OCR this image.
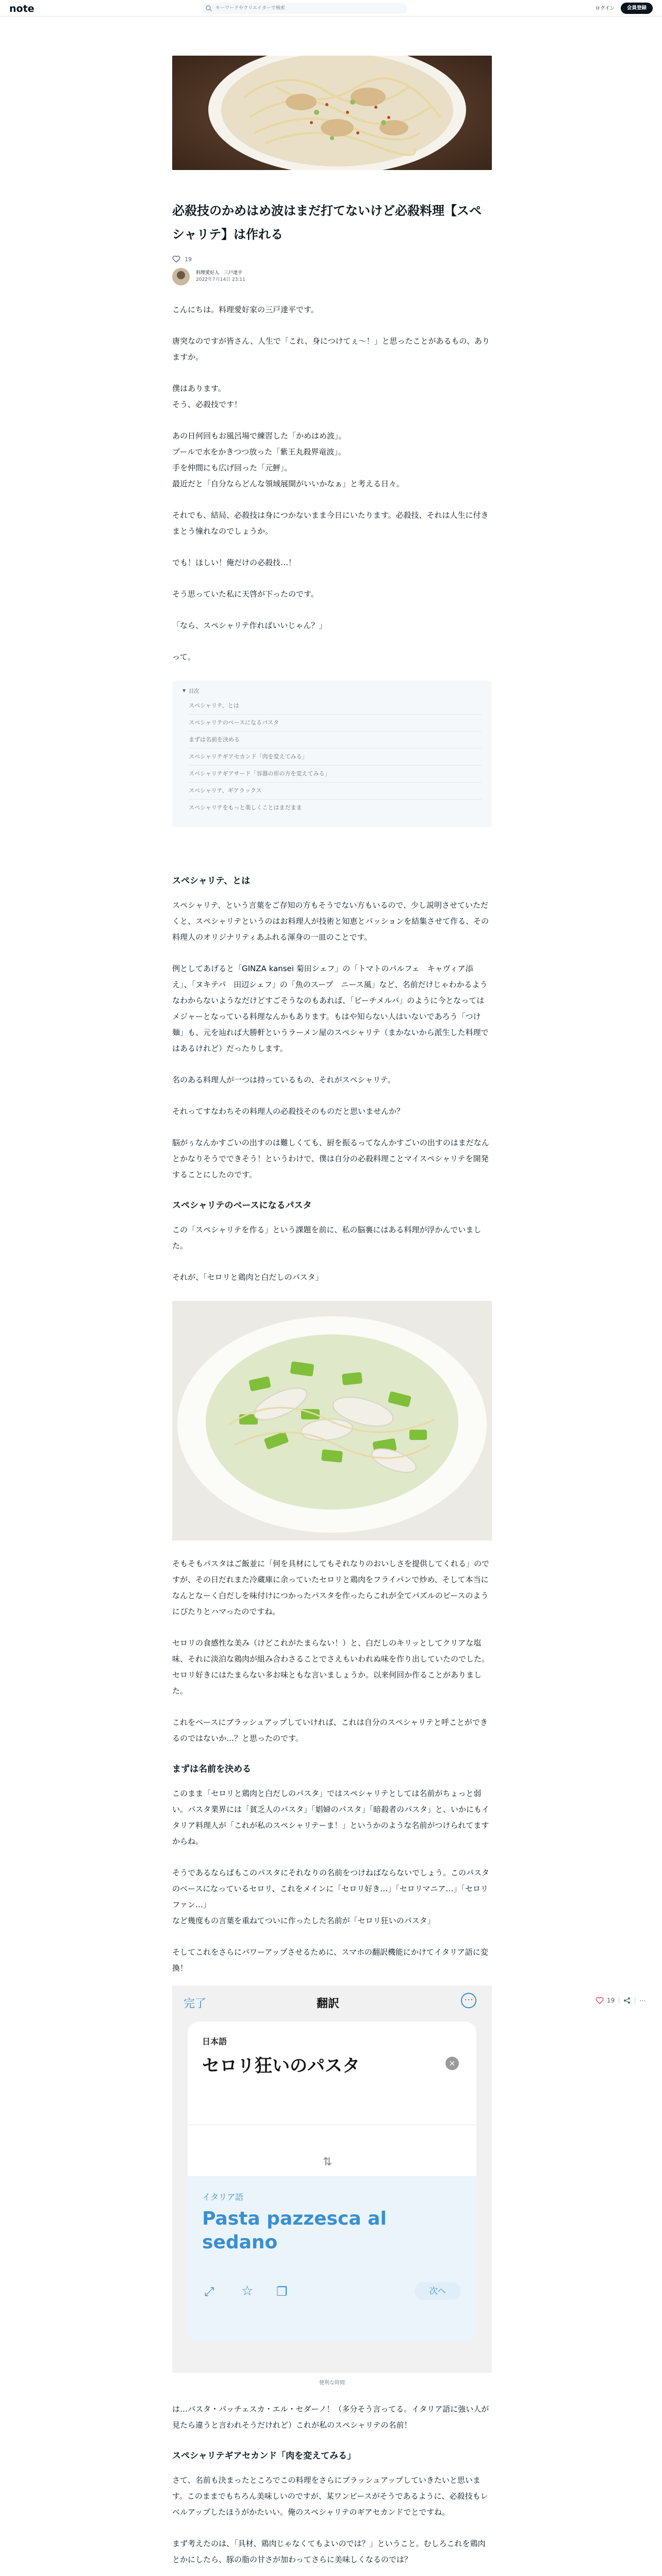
note
キーワードやクリエイターで検索	ログイン	会員登録
必殺技のかめはめ波はまだ打てないけど必殺料理【スペシャリテ】は作れる
19
料理愛好人　三戸達平
2022年7月14日 23:11

こんにちは。料理愛好家の三戸達平です。

唐突なのですが皆さん、人生で「これ、身につけてぇ～！」と思ったことがあるもの、ありますか。

僕はあります。

そう、必殺技です！

あの日何回もお風呂場で練習した「かめはめ波」。

プールで水をかきつつ放った「紫王丸殺界竜波」。

手を仲間にも広げ回った「元鮃」。

最近だと「自分ならどんな領域展開がいいかなぁ」と考える日々。

それでも、結局、必殺技は身につかないまま今日にいたります。必殺技、それは人生に付きまとう憧れなのでしょうか。

でも！ほしい！俺だけの必殺技…！

そう思っていた私に天啓が下ったのです。

「なら、スペシャリテ作ればいいじゃん？」

って。

▼ 目次
スペシャリテ、とは
スペシャリテのベースになるパスタ
まずは名前を決める
スペシャリテギアセカンド「肉を変えてみる」
スペシャリテギアサード「容器の形の方を変えてみる」
スペシャリテ、ギアラックス
スペシャリテをもっと楽しくことはまだまま
スペシャリテ、とは

スペシャリテ、という言葉をご存知の方もそうでない方もいるので、少し説明させていただくと、スペシャリテというのはお料理人が技術と知恵とパッションを結集させて作る、その料理人のオリジナリティあふれる渾身の一皿のことです。

例としてあげると「GINZA kansei 菊田シェフ」の「トマトのパルフェ　キャヴィア添え」、「ヌキテパ　田辺シェフ」の「魚のスープ　ニース風」など、名前だけじゃわかるようなわからないようなだけどすごそうなのもあれば、「ビーチメルバ」のように今となってはメジャーとなっている料理なんかもあります。もはや知らない人はいないであろう「つけ麺」も、元を辿れば大勝軒というラーメン屋のスペシャリテ（まかないから派生した料理ではあるけれど）だったりします。

名のある料理人が一つは持っているもの、それがスペシャリテ。

それってすなわちその料理人の必殺技そのものだと思いませんか？

脳がぅなんかすごいの出すのは難しくても、厨を振るってなんかすごいの出すのはまだなんとかなりそうでできそう！というわけで、僕は自分の必殺料理ことマイスペシャリテを開発することにしたのです。

スペシャリテのベースになるパスタ

この「スペシャリテを作る」という課題を前に、私の脳裏にはある料理が浮かんでいました。

それが、「セロリと鶏肉と白だしのパスタ」

そもそもパスタはご飯並に「何を具材にしてもそれなりのおいしさを提供してくれる」のですが、その日だれまた冷蔵庫に余っていたセロリと鶏肉をフライパンで炒め、そして本当になんとなーく白だしを味付けにつかったパスタを作ったらこれが全てパズルのピースのようにぴたりとハマったのですね。

セロリの食感性な美み（けどこれがたまらない！）と、白だしのキリッとしてクリアな塩味、それに淡泊な鶏肉が組み合わさることでさえもいわれぬ味を作り出していたのでした。セロリ好きにはたまらない多お味ともな言いましょうか。以来何回か作ることがありました。

これをベースにブラッシュアップしていければ、これは自分のスペシャリテと呼ことができるのではないか…？と思ったのです。

まずは名前を決める

このまま「セロリと鶏肉と白だしのパスタ」ではスペシャリテとしては名前がちょっと弱い。パスタ業界には「貧乏人のパスタ」「娼婦のパスタ」「暗殺者のパスタ」と、いかにもイタリア料理人が「これが私のスペシャリテーま！」というかのような名前がつけられてますからね。

そうであるならばもこのパスタにそれなりの名前をつけねばならないでしょう。このパスタのベースになっているセロリ、これをメインに「セロリ好き…」「セロリマニア…」「セロリファン…」

など幾度もの言葉を重ねてついに作ったした名前が「セロリ狂いのパスタ」

そしてこれをさらにパワーアップさせるために、スマホの翻訳機能にかけてイタリア語に変換！

完了	翻訳	⋯
日本語
セロリ狂いのパスタ	×
⇅
イタリア語
Pasta pazzesca al sedano
⤢ ☆ ❐	次へ
便利な時間

は…パスタ・パッチェスカ・エル・セダーノ！（多分そう言ってる。イタリア語に強い人が見たら違うと言われそうだけれど）これが私のスペシャリテの名前！

スペシャリテギアセカンド「肉を変えてみる」

さて、名前も決まったところでこの料理をさらにブラッシュアップしていきたいと思います。このままでもちろん美味しいのですが、某ワンピースがそうであるように、必殺技もレベルアップしたほうがかたいい。俺のスペシャリテのギアセカンドでとですね。

まず考えたのは、「具材、鶏肉じゃなくてもよいのでは？」ということ。むしろこれを鶏肉とかにしたら、豚の脂の甘さが加わってさらに美味しくなるのでは？

19	⋯
